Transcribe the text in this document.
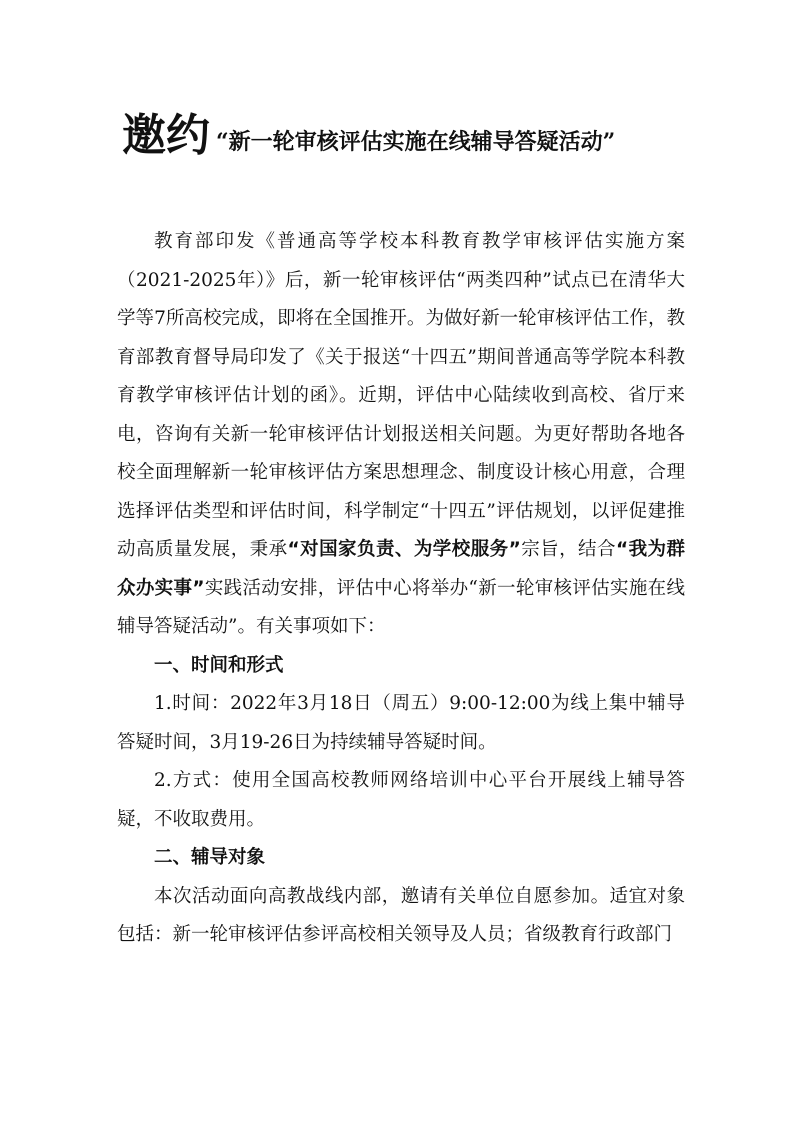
邀约 “新一轮审核评估实施在线辅导答疑活动”

教育部印发《普通高等学校本科教育教学审核评估实施方案（2021-2025年）》后，新一轮审核评估“两类四种”试点已在清华大学等7所高校完成，即将在全国推开。为做好新一轮审核评估工作，教育部教育督导局印发了《关于报送“十四五”期间普通高等学院本科教育教学审核评估计划的函》。近期，评估中心陆续收到高校、省厅来电，咨询有关新一轮审核评估计划报送相关问题。为更好帮助各地各校全面理解新一轮审核评估方案思想理念、制度设计核心用意，合理选择评估类型和评估时间，科学制定“十四五”评估规划，以评促建推动高质量发展，秉承“对国家负责、为学校服务”宗旨，结合“我为群众办实事”实践活动安排，评估中心将举办“新一轮审核评估实施在线辅导答疑活动”。有关事项如下：

一、时间和形式

1.时间：2022年3月18日（周五）9:00-12:00为线上集中辅导答疑时间，3月19-26日为持续辅导答疑时间。

2.方式：使用全国高校教师网络培训中心平台开展线上辅导答疑，不收取费用。

二、辅导对象

本次活动面向高教战线内部，邀请有关单位自愿参加。适宜对象包括：新一轮审核评估参评高校相关领导及人员；省级教育行政部门
